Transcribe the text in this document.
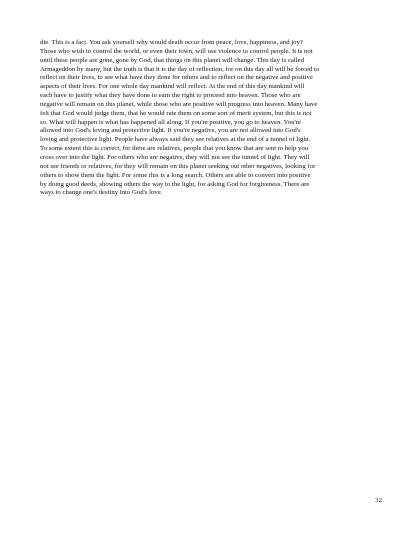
die. This is a fact. You ask yourself why would death occur from peace, love, happiness, and joy?
Those who wish to control the world, or even their town, will use violence to control people. It is not
until these people are gone, gone by God, that things on this planet will change. This day is called
Armageddon by many, but the truth is that it is the day of reflection, for on this day all will be forced to
reflect on their lives, to see what have they done for others and to reflect on the negative and positive
aspects of their lives. For one whole day mankind will reflect. At the end of this day mankind will
each have to justify what they have done to earn the right to proceed into heaven. Those who are
negative will remain on this planet, while those who are positive will progress into heaven. Many have
felt that God would judge them, that he would rate them on some sort of merit system, but this is not
so. What will happen is what has happened all along. If you're positive, you go to heaven. You're
allowed into God's loving and protective light. If you're negative, you are not allowed into God's
loving and protective light. People have always said they see relatives at the end of a tunnel of light.
To some extent this is correct, for there are relatives, people that you know that are sent to help you
cross over into the light. For others who are negative, they will not see the tunnel of light. They will
not see friends or relatives, for they will remain on this planet seeking out other negatives, looking for
others to show them the light. For some this is a long search. Others are able to convert into positive
by doing good deeds, showing others the way to the light, for asking God for forgiveness. There are
ways to change one's destiny into God's love.
32
